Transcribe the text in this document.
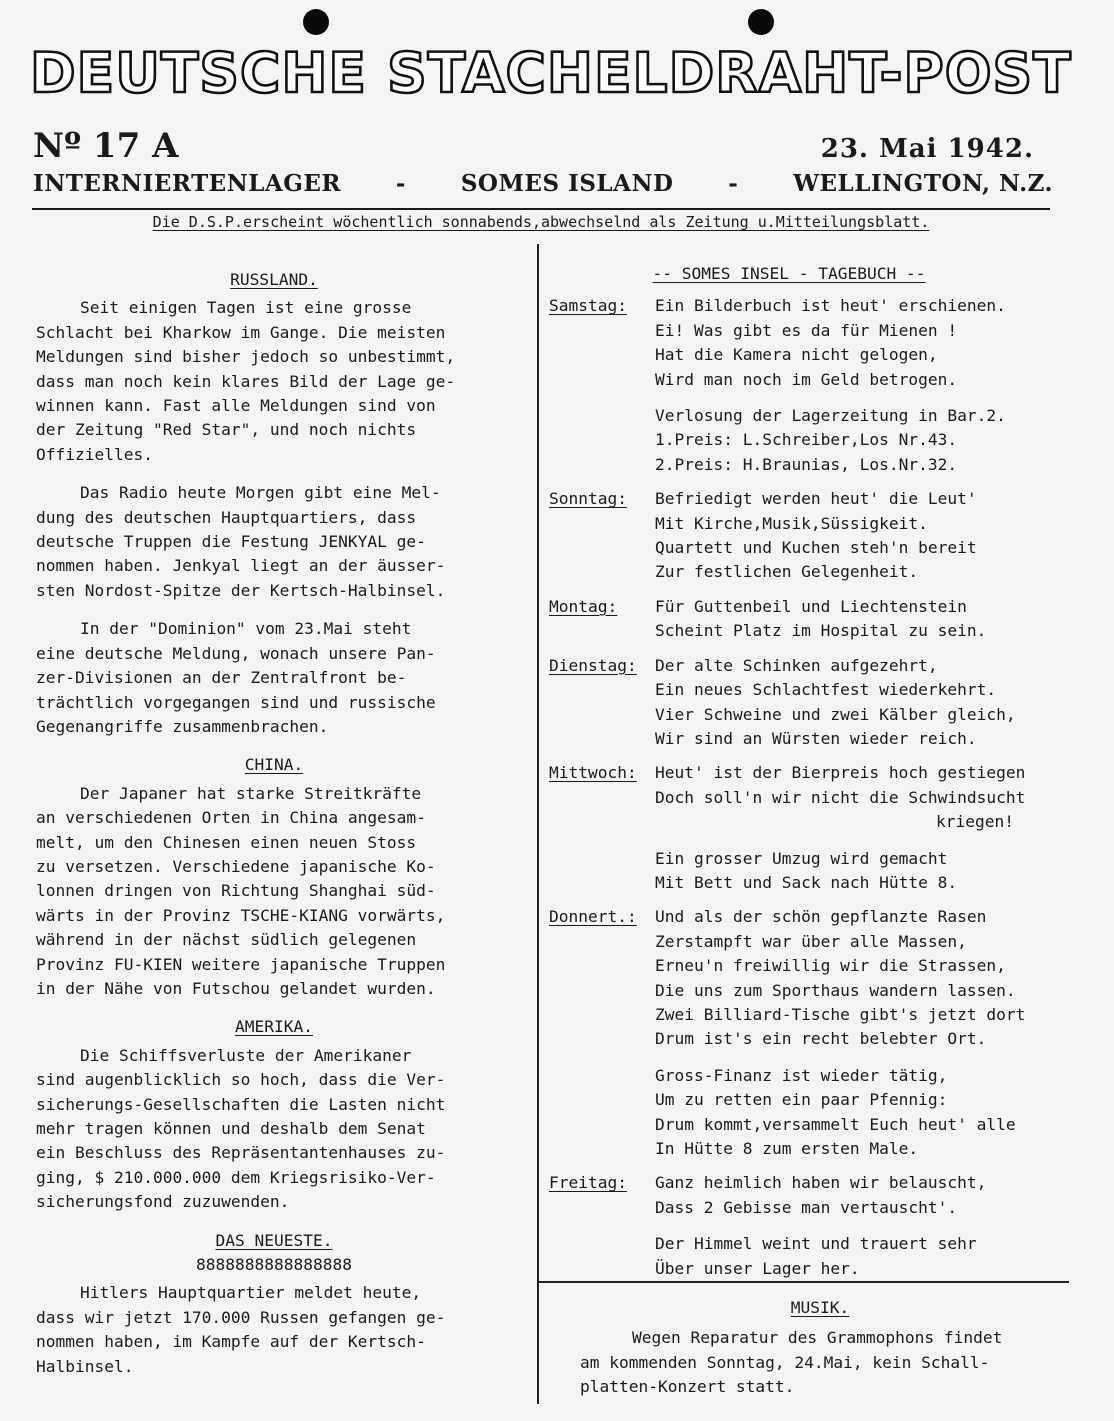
DEUTSCHE STACHELDRAHT-POST
Nº 17 A	23. Mai 1942.
INTERNIERTENLAGER - SOMES ISLAND - WELLINGTON, N.Z.
Die D.S.P.erscheint wöchentlich sonnabends,abwechselnd als Zeitung u.Mitteilungsblatt.
RUSSLAND.
Seit einigen Tagen ist eine grosse
Schlacht bei Kharkow im Gange. Die meisten
Meldungen sind bisher jedoch so unbestimmt,
dass man noch kein klares Bild der Lage ge-
winnen kann. Fast alle Meldungen sind von
der Zeitung "Red Star", und noch nichts
Offizielles.
Das Radio heute Morgen gibt eine Mel-
dung des deutschen Hauptquartiers, dass
deutsche Truppen die Festung JENKYAL ge-
nommen haben. Jenkyal liegt an der äusser-
sten Nordost-Spitze der Kertsch-Halbinsel.
In der "Dominion" vom 23.Mai steht
eine deutsche Meldung, wonach unsere Pan-
zer-Divisionen an der Zentralfront be-
trächtlich vorgegangen sind und russische
Gegenangriffe zusammenbrachen.
CHINA.
Der Japaner hat starke Streitkräfte
an verschiedenen Orten in China angesam-
melt, um den Chinesen einen neuen Stoss
zu versetzen. Verschiedene japanische Ko-
lonnen dringen von Richtung Shanghai süd-
wärts in der Provinz TSCHE-KIANG vorwärts,
während in der nächst südlich gelegenen
Provinz FU-KIEN weitere japanische Truppen
in der Nähe von Futschou gelandet wurden.
AMERIKA.
Die Schiffsverluste der Amerikaner
sind augenblicklich so hoch, dass die Ver-
sicherungs-Gesellschaften die Lasten nicht
mehr tragen können und deshalb dem Senat
ein Beschluss des Repräsentantenhauses zu-
ging, $ 210.000.000 dem Kriegsrisiko-Ver-
sicherungsfond zuzuwenden.
DAS NEUESTE.
8888888888888888
Hitlers Hauptquartier meldet heute,
dass wir jetzt 170.000 Russen gefangen ge-
nommen haben, im Kampfe auf der Kertsch-
Halbinsel.
-- SOMES INSEL - TAGEBUCH --
Samstag:	Ein Bilderbuch ist heut' erschienen.
Ei! Was gibt es da für Mienen !
Hat die Kamera nicht gelogen,
Wird man noch im Geld betrogen.
Verlosung der Lagerzeitung in Bar.2.
1.Preis: L.Schreiber,Los Nr.43.
2.Preis: H.Braunias, Los.Nr.32.
Sonntag:	Befriedigt werden heut' die Leut'
Mit Kirche,Musik,Süssigkeit.
Quartett und Kuchen steh'n bereit
Zur festlichen Gelegenheit.
Montag:	Für Guttenbeil und Liechtenstein
Scheint Platz im Hospital zu sein.
Dienstag:	Der alte Schinken aufgezehrt,
Ein neues Schlachtfest wiederkehrt.
Vier Schweine und zwei Kälber gleich,
Wir sind an Würsten wieder reich.
Mittwoch:	Heut' ist der Bierpreis hoch gestiegen
Doch soll'n wir nicht die Schwindsucht
kriegen!
Ein grosser Umzug wird gemacht
Mit Bett und Sack nach Hütte 8.
Donnert.:	Und als der schön gepflanzte Rasen
Zerstampft war über alle Massen,
Erneu'n freiwillig wir die Strassen,
Die uns zum Sporthaus wandern lassen.
Zwei Billiard-Tische gibt's jetzt dort
Drum ist's ein recht belebter Ort.
Gross-Finanz ist wieder tätig,
Um zu retten ein paar Pfennig:
Drum kommt,versammelt Euch heut' alle
In Hütte 8 zum ersten Male.
Freitag:	Ganz heimlich haben wir belauscht,
Dass 2 Gebisse man vertauscht'.
Der Himmel weint und trauert sehr
Über unser Lager her.
MUSIK.
Wegen Reparatur des Grammophons findet
am kommenden Sonntag, 24.Mai, kein Schall-
platten-Konzert statt.
